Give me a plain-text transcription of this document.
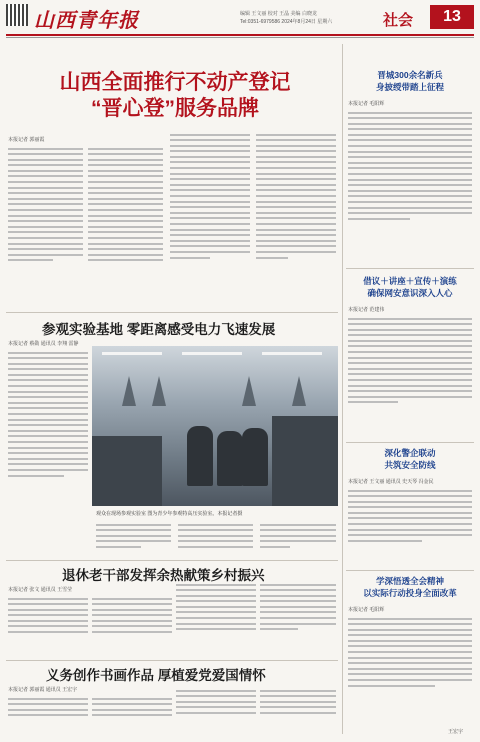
山西青年报	编辑 王文丽 校对 王晶 美编 白晓龙
Tel:0351-6979586 2024年8月24日 星期六	社会	13
山西全面推行不动产登记
“晋心登”服务品牌
本报记者 郭丽霞
参观实验基地 零距离感受电力飞速发展
本报记者 蔡勋 通讯员 李翔 雷静
观众在现场参观实验室 图为青少年参观特高压实验室。本报记者摄
退休老干部发挥余热献策乡村振兴
本报记者 张文 通讯员 王雪莹
义务创作书画作品 厚植爱党爱国情怀
本报记者 郭丽霞 通讯员 王宏宇
晋城300余名新兵
身披绶带踏上征程
本报记者 毛阳辉
借议＋讲座＋宣传＋演练
确保网安意识深入人心
本报记者 范建伟
深化警企联动
共筑安全防线
本报记者 王文丽 通讯员 史天琴 冯金民
学深悟透全会精神
以实际行动投身全面改革
本报记者 毛阳辉
王宏宇
